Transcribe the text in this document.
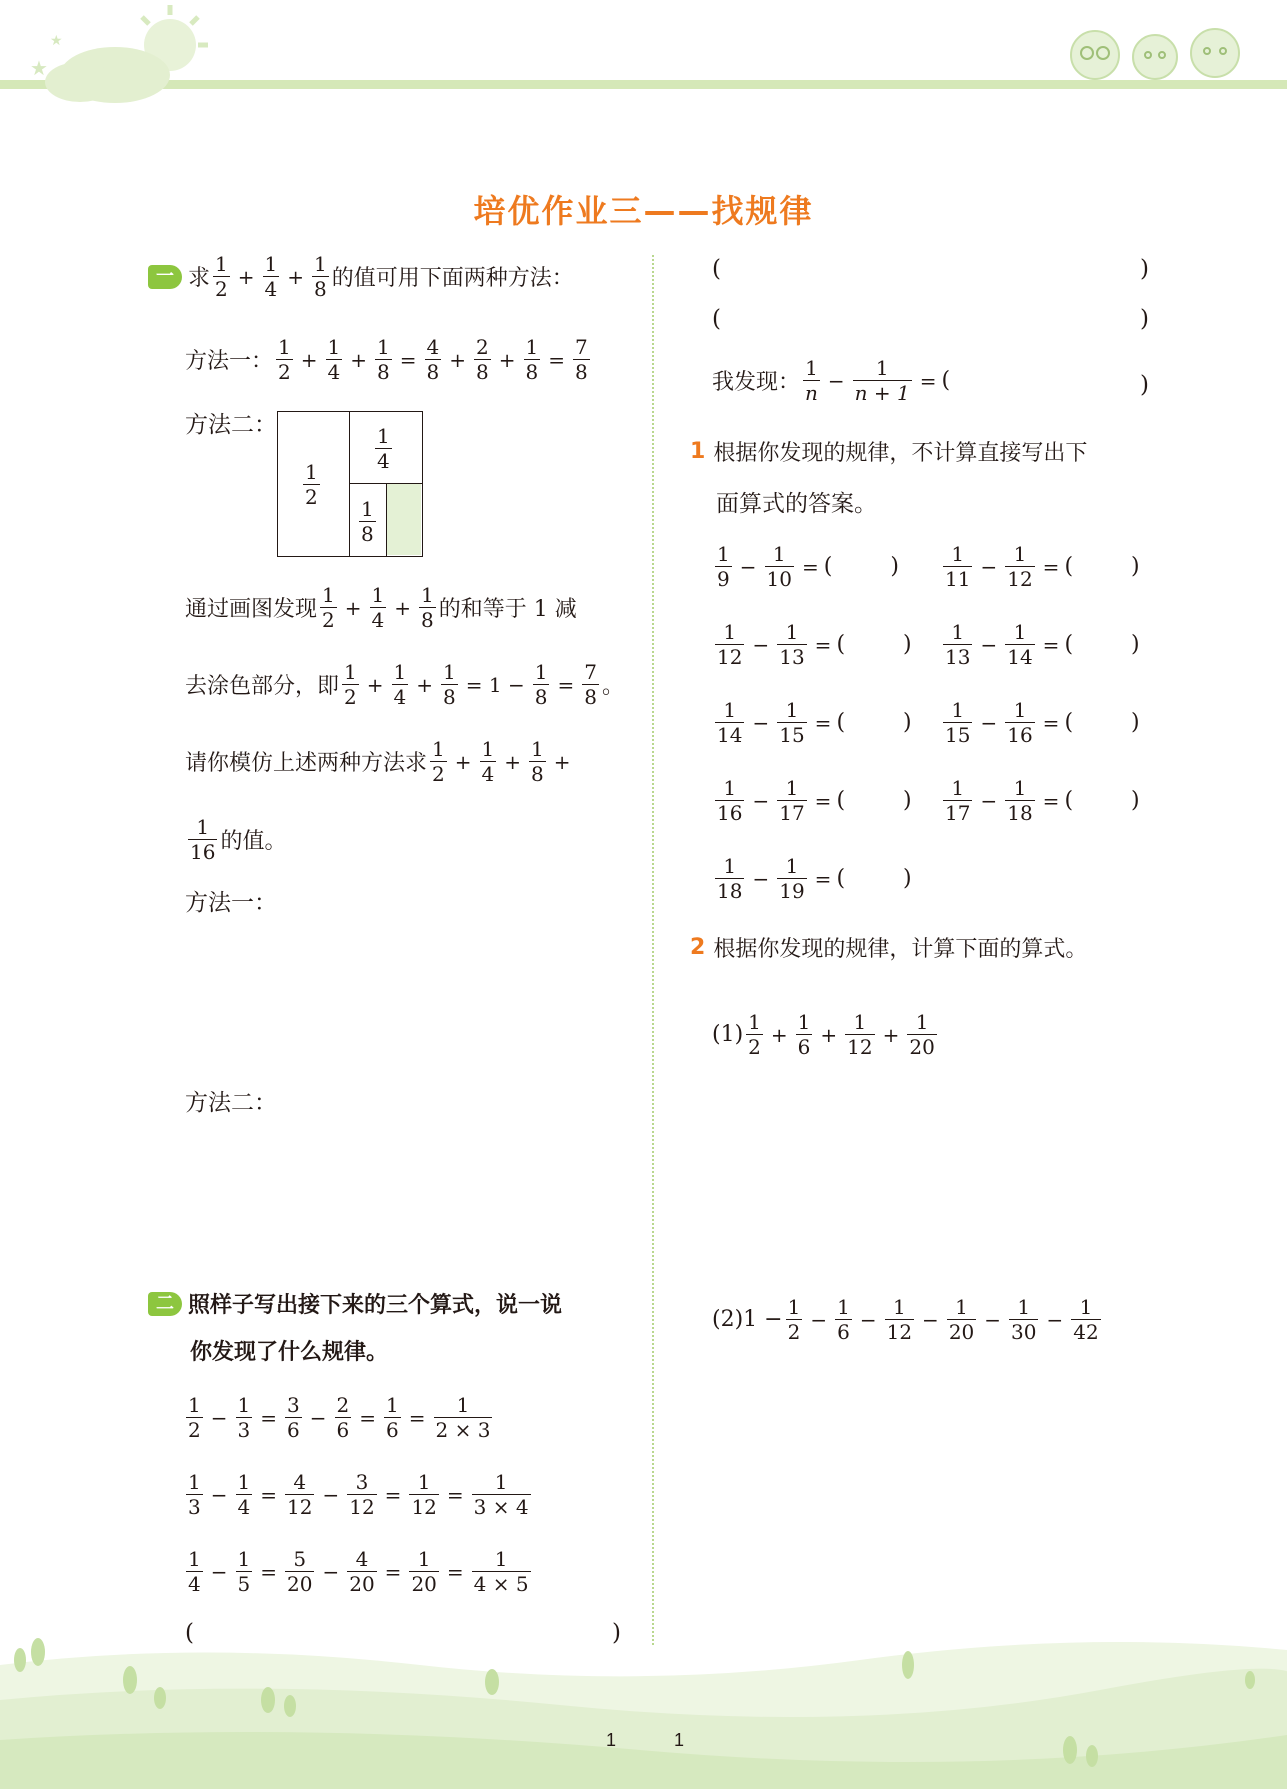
★
★
培优作业三——找规律
一 求 $\frac{1}{2} + \frac{1}{4} + \frac{1}{8}$ 的值可用下面两种方法：
方法一： $\frac{1}{2} + \frac{1}{4} + \frac{1}{8} = \frac{4}{8} + \frac{2}{8} + \frac{1}{8} = \frac{7}{8}$
方法二：
$\frac{1}{2}$
$\frac{1}{4}$
$\frac{1}{8}$
通过画图发现 $\frac{1}{2} + \frac{1}{4} + \frac{1}{8}$ 的和等于 1 减
去涂色部分，即 $\frac{1}{2} + \frac{1}{4} + \frac{1}{8} = 1 - \frac{1}{8} = \frac{7}{8}$ 。
请你模仿上述两种方法求 $\frac{1}{2} + \frac{1}{4} + \frac{1}{8}$ +
$\frac{1}{16}$ 的值。
方法一：
方法二：
二 照样子写出接下来的三个算式，说一说
你发现了什么规律。
$\frac{1}{2} - \frac{1}{3} = \frac{3}{6} - \frac{2}{6} = \frac{1}{6} = \frac{1}{2 \times 3}$
$\frac{1}{3} - \frac{1}{4} = \frac{4}{12} - \frac{3}{12} = \frac{1}{12} = \frac{1}{3 \times 4}$
$\frac{1}{4} - \frac{1}{5} = \frac{5}{20} - \frac{4}{20} = \frac{1}{20} = \frac{1}{4 \times 5}$
(	)
(	)
(	)
我发现： $\frac{1}{n} - \frac{1}{n + 1}$ = (	)
1 根据你发现的规律，不计算直接写出下
面算式的答案。
$\frac{1}{9} - \frac{1}{10}$ = (	) $\frac{1}{11} - \frac{1}{12}$ = (	)
$\frac{1}{12} - \frac{1}{13}$ = (	) $\frac{1}{13} - \frac{1}{14}$ = (	)
$\frac{1}{14} - \frac{1}{15}$ = (	) $\frac{1}{15} - \frac{1}{16}$ = (	)
$\frac{1}{16} - \frac{1}{17}$ = (	) $\frac{1}{17} - \frac{1}{18}$ = (	)
$\frac{1}{18} - \frac{1}{19}$ = (	)
2 根据你发现的规律，计算下面的算式。
$(1) \frac{1}{2} + \frac{1}{6} + \frac{1}{12} + \frac{1}{20}$
$(2)1 - \frac{1}{2} - \frac{1}{6} - \frac{1}{12} - \frac{1}{20} - \frac{1}{30} - \frac{1}{42}$
1	1
